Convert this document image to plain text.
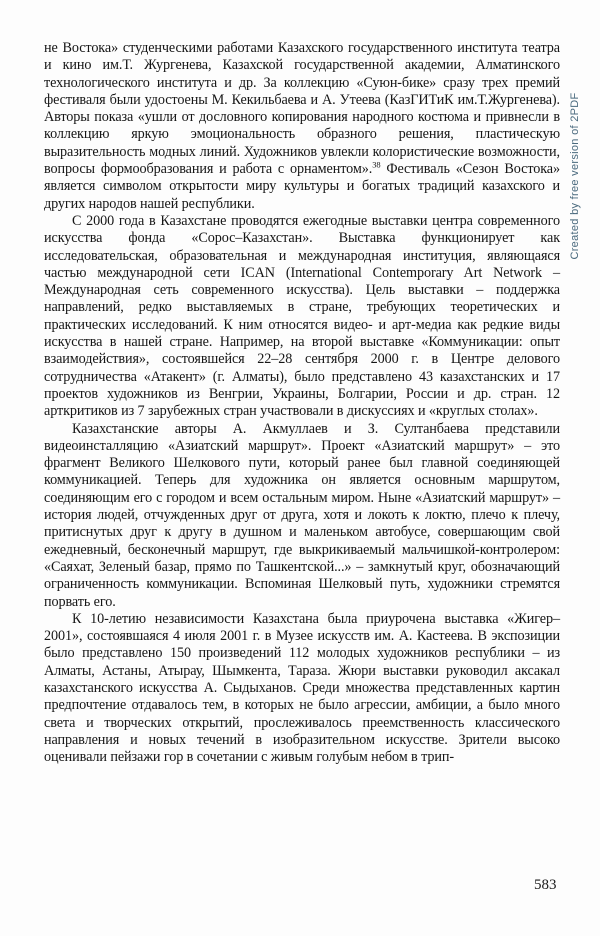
не Востока» студенческими работами Казахского государственного института театра и кино им.Т. Жургенева, Казахской государственной академии, Алматинского технологического института и др. За коллекцию «Суюн-бике» сразу трех премий фестиваля были удостоены М. Кекильбаева и А. Утеева (КазГИТиК им.Т.Жургенева). Авторы показа «ушли от дословного копирования народного костюма и привнесли в коллекцию яркую эмоциональность образного решения, пластическую выразительность модных линий. Художников увлекли колористические возможности, вопросы формообразования и работа с орнаментом».$^{38}$ Фестиваль «Сезон Востока» является символом открытости миру культуры и богатых традиций казахского и других народов нашей республики.

С 2000 года в Казахстане проводятся ежегодные выставки центра современного искусства фонда «Сорос–Казахстан». Выставка функционирует как исследовательская, образовательная и международная институция, являющаяся частью международной сети ICAN (International Contemporary Art Network – Международная сеть современного искусства). Цель выставки – поддержка направлений, редко выставляемых в стране, требующих теоретических и практических исследований. К ним относятся видео- и арт-медиа как редкие виды искусства в нашей стране. Например, на второй выставке «Коммуникации: опыт взаимодействия», состоявшейся 22–28 сентября 2000 г. в Центре делового сотрудничества «Атакент» (г. Алматы), было представлено 43 казахстанских и 17 проектов художников из Венгрии, Украины, Болгарии, России и др. стран. 12 арткритиков из 7 зарубежных стран участвовали в дискуссиях и «круглых столах».

Казахстанские авторы А. Акмуллаев и З. Султанбаева представили видеоинсталляцию «Азиатский маршрут». Проект «Азиатский маршрут» – это фрагмент Великого Шелкового пути, который ранее был главной соединяющей коммуникацией. Теперь для художника он является основным маршрутом, соединяющим его с городом и всем остальным миром. Ныне «Азиатский маршрут» – история людей, отчужденных друг от друга, хотя и локоть к локтю, плечо к плечу, притиснутых друг к другу в душном и маленьком автобусе, совершающим свой ежедневный, бесконечный маршрут, где выкрикиваемый мальчишкой-контролером: «Саяхат, Зеленый базар, прямо по Ташкентской...» – замкнутый круг, обозначающий ограниченность коммуникации. Вспоминая Шелковый путь, художники стремятся порвать его.

К 10-летию независимости Казахстана была приурочена выставка «Жигер–2001», состоявшаяся 4 июля 2001 г. в Музее искусств им. А. Кастеева. В экспозиции было представлено 150 произведений 112 молодых художников республики – из Алматы, Астаны, Атырау, Шымкента, Тараза. Жюри выставки руководил аксакал казахстанского искусства А. Сыдыханов. Среди множества представленных картин предпочтение отдавалось тем, в которых не было агрессии, амбиции, а было много света и творческих открытий, прослеживалось преемственность классического направления и новых течений в изобразительном искусстве. Зрители высоко оценивали пейзажи гор в сочетании с живым голубым небом в трип-

583
Created by free version of 2PDF
